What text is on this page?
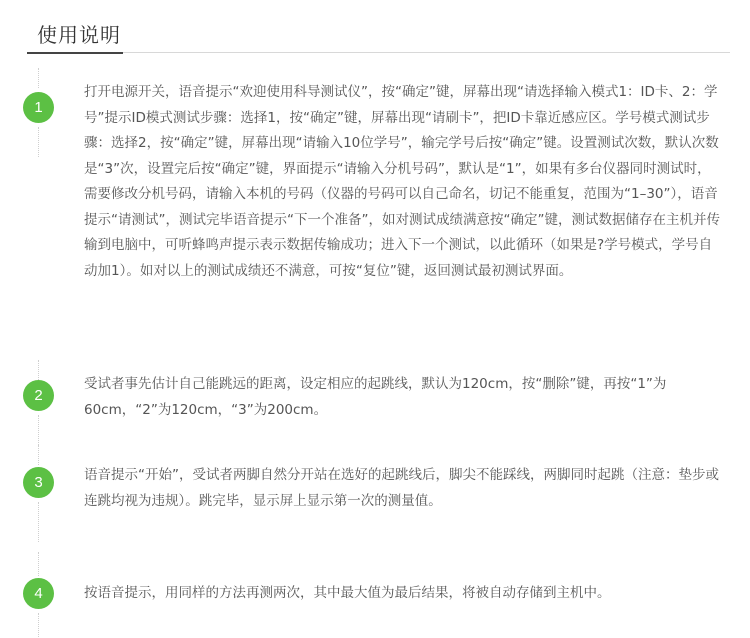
使用说明
1

打开电源开关，语音提示“欢迎使用科导测试仪”，按“确定”键，屏幕出现“请选择输入模式1：ID卡、2：学号”提示ID模式测试步骤：选择1，按“确定”键，屏幕出现“请刷卡”，把ID卡靠近感应区。学号模式测试步骤：选择2，按“确定”键，屏幕出现“请输入10位学号”，输完学号后按“确定”键。设置测试次数，默认次数是“3”次，设置完后按“确定”键，界面提示“请输入分机号码”，默认是“1”，如果有多台仪器同时测试时，需要修改分机号码，请输入本机的号码（仪器的号码可以自己命名，切记不能重复，范围为“1–30”），语音提示“请测试”，测试完毕语音提示“下一个准备”，如对测试成绩满意按“确定”键，测试数据储存在主机并传输到电脑中，可听蜂鸣声提示表示数据传输成功；进入下一个测试，以此循环（如果是?学号模式，学号自动加1）。如对以上的测试成绩还不满意，可按“复位”键，返回测试最初测试界面。

2

受试者事先估计自己能跳远的距离，设定相应的起跳线，默认为120cm，按“删除”键，再按“1”为60cm，“2”为120cm，“3”为200cm。

3	语音提示“开始”，受试者两脚自然分开站在选好的起跳线后，脚尖不能踩线，两脚同时起跳（注意：垫步或连跳均视为违规）。跳完毕，显示屏上显示第一次的测量值。

4	按语音提示，用同样的方法再测两次，其中最大值为最后结果，将被自动存储到主机中。
